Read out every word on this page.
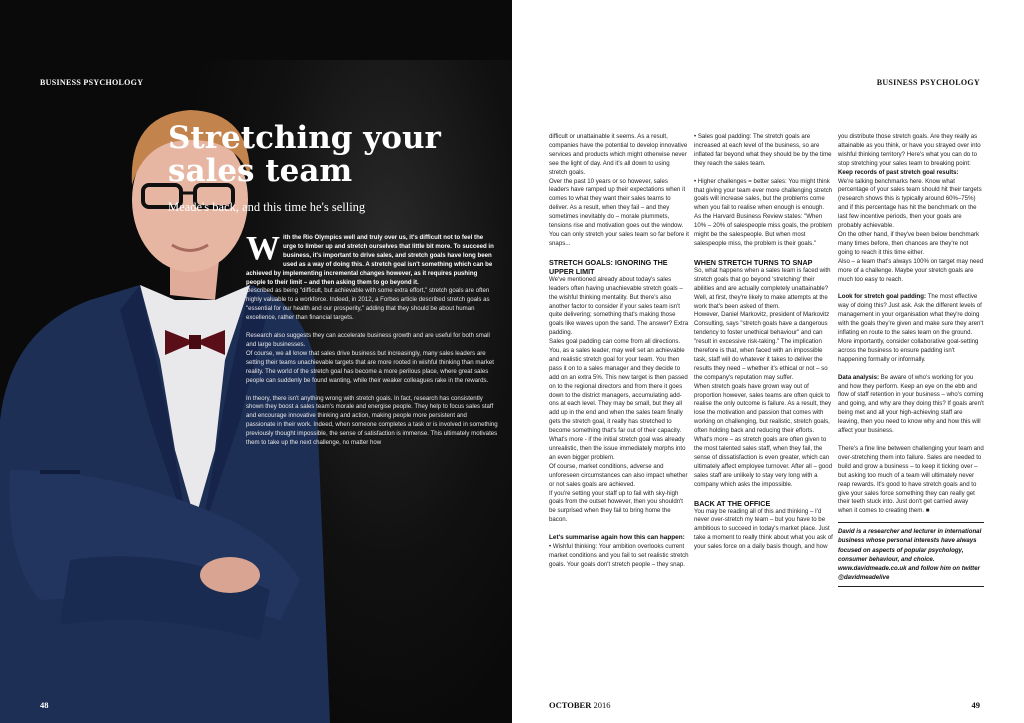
BUSINESS PSYCHOLOGY
Stretching your
sales team
Meade's back, and this time he's selling

With the Rio Olympics well and truly over us, it's difficult not to feel the urge to limber up and stretch ourselves that little bit more. To succeed in business, it's important to drive sales, and stretch goals have long been used as a way of doing this. A stretch goal isn't something which can be achieved by implementing incremental changes however, as it requires pushing people to their limit – and then asking them to go beyond it.

Described as being "difficult, but achievable with some extra effort," stretch goals are often highly valuable to a workforce. Indeed, in 2012, a Forbes article described stretch goals as "essential for our health and our prosperity," adding that they should be about human excellence, rather than financial targets.

Research also suggests they can accelerate business growth and are useful for both small and large businesses.

Of course, we all know that sales drive business but increasingly, many sales leaders are setting their teams unachievable targets that are more rooted in wishful thinking than market reality. The world of the stretch goal has become a more perilous place, where great sales people can suddenly be found wanting, while their weaker colleagues rake in the rewards.

In theory, there isn't anything wrong with stretch goals. In fact, research has consistently shown they boost a sales team's morale and energise people. They help to focus sales staff and encourage innovative thinking and action, making people more persistent and passionate in their work. Indeed, when someone completes a task or is involved in something previously thought impossible, the sense of satisfaction is immense. This ultimately motivates them to take up the next challenge, no matter how

48
BUSINESS PSYCHOLOGY

difficult or unattainable it seems. As a result, companies have the potential to develop innovative services and products which might otherwise never see the light of day. And it's all down to using stretch goals.

Over the past 10 years or so however, sales leaders have ramped up their expectations when it comes to what they want their sales teams to deliver. As a result, when they fail – and they sometimes inevitably do – morale plummets, tensions rise and motivation goes out the window. You can only stretch your sales team so far before it snaps...

STRETCH GOALS: IGNORING THE UPPER LIMIT

We've mentioned already about today's sales leaders often having unachievable stretch goals – the wishful thinking mentality. But there's also another factor to consider if your sales team isn't quite delivering; something that's making those goals like waves upon the sand. The answer? Extra padding.

Sales goal padding can come from all directions. You, as a sales leader, may well set an achievable and realistic stretch goal for your team. You then pass it on to a sales manager and they decide to add on an extra 5%. This new target is then passed on to the regional directors and from there it goes down to the district managers, accumulating add-ons at each level. They may be small, but they all add up in the end and when the sales team finally gets the stretch goal, it really has stretched to become something that's far out of their capacity.

What's more - if the initial stretch goal was already unrealistic, then the issue immediately morphs into an even bigger problem.

Of course, market conditions, adverse and unforeseen circumstances can also impact whether or not sales goals are achieved.

If you're setting your staff up to fail with sky-high goals from the outset however, then you shouldn't be surprised when they fail to bring home the bacon.

Let's summarise again how this can happen:

• Wishful thinking: Your ambition overlooks current market conditions and you fail to set realistic stretch goals. Your goals don't stretch people – they snap.

• Sales goal padding: The stretch goals are increased at each level of the business, so are inflated far beyond what they should be by the time they reach the sales team.

• Higher challenges = better sales: You might think that giving your team ever more challenging stretch goals will increase sales, but the problems come when you fail to realise when enough is enough.

As the Harvard Business Review states: "When 10% – 20% of salespeople miss goals, the problem might be the salespeople. But when most salespeople miss, the problem is their goals."

WHEN STRETCH TURNS TO SNAP

So, what happens when a sales team is faced with stretch goals that go beyond 'stretching' their abilities and are actually completely unattainable? Well, at first, they're likely to make attempts at the work that's been asked of them.

However, Daniel Markovitz, president of Markovitz Consulting, says "stretch goals have a dangerous tendency to foster unethical behaviour" and can "result in excessive risk-taking." The implication therefore is that, when faced with an impossible task, staff will do whatever it takes to deliver the results they need – whether it's ethical or not – so the company's reputation may suffer.

When stretch goals have grown way out of proportion however, sales teams are often quick to realise the only outcome is failure. As a result, they lose the motivation and passion that comes with working on challenging, but realistic, stretch goals, often holding back and reducing their efforts.

What's more – as stretch goals are often given to the most talented sales staff, when they fail, the sense of dissatisfaction is even greater, which can ultimately affect employee turnover. After all – good sales staff are unlikely to stay very long with a company which asks the impossible.

BACK AT THE OFFICE

You may be reading all of this and thinking – I'd never over-stretch my team – but you have to be ambitious to succeed in today's market place. Just take a moment to really think about what you ask of your sales force on a daily basis though, and how

you distribute those stretch goals. Are they really as attainable as you think, or have you strayed over into wishful thinking territory? Here's what you can do to stop stretching your sales team to breaking point:

Keep records of past stretch goal results:

We're talking benchmarks here. Know what percentage of your sales team should hit their targets (research shows this is typically around 60%–75%) and if this percentage has hit the benchmark on the last few incentive periods, then your goals are probably achievable.

On the other hand, if they've been below benchmark many times before, then chances are they're not going to reach it this time either.

Also – a team that's always 100% on target may need more of a challenge. Maybe your stretch goals are much too easy to reach.

Look for stretch goal padding: The most effective way of doing this? Just ask. Ask the different levels of management in your organisation what they're doing with the goals they're given and make sure they aren't inflating en route to the sales team on the ground. More importantly, consider collaborative goal-setting across the business to ensure padding isn't happening formally or informally.

Data analysis: Be aware of who's working for you and how they perform. Keep an eye on the ebb and flow of staff retention in your business – who's coming and going, and why are they doing this? If goals aren't being met and all your high-achieving staff are leaving, then you need to know why and how this will affect your business.

There's a fine line between challenging your team and over-stretching them into failure. Sales are needed to build and grow a business – to keep it ticking over – but asking too much of a team will ultimately never reap rewards. It's good to have stretch goals and to give your sales force something they can really get their teeth stuck into. Just don't get carried away when it comes to creating them. ■

David is a researcher and lecturer in international business whose personal interests have always focused on aspects of popular psychology, consumer behaviour, and choice. www.davidmeade.co.uk and follow him on twitter @davidmeadelive
OCTOBER 2016	49
